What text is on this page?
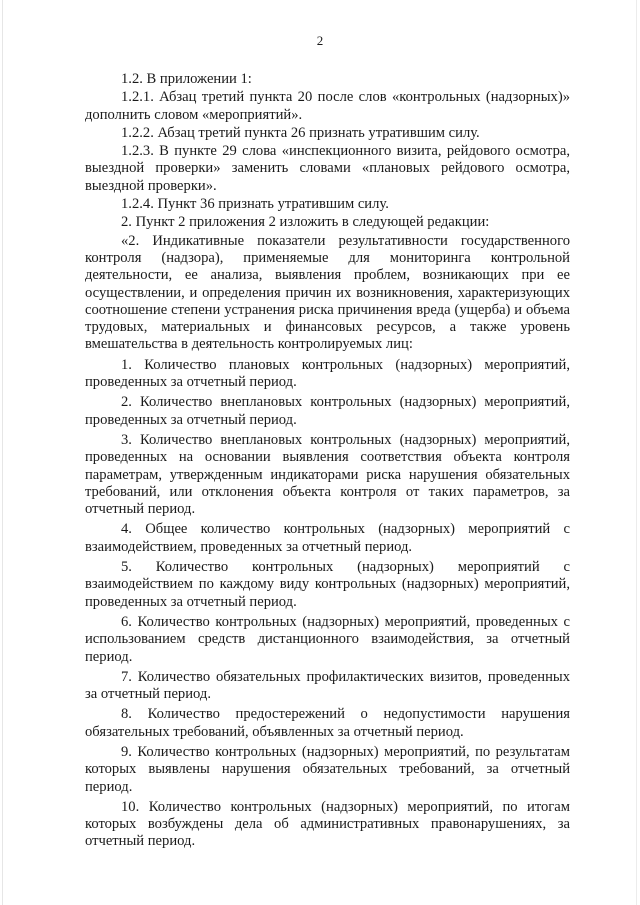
2

1.2. В приложении 1:

1.2.1. Абзац третий пункта 20 после слов «контрольных (надзорных)» дополнить словом «мероприятий».

1.2.2. Абзац третий пункта 26 признать утратившим силу.

1.2.3. В пункте 29 слова «инспекционного визита, рейдового осмотра, выездной проверки» заменить словами «плановых рейдового осмотра, выездной проверки».

1.2.4. Пункт 36 признать утратившим силу.

2. Пункт 2 приложения 2 изложить в следующей редакции:

«2. Индикативные показатели результативности государственного контроля (надзора), применяемые для мониторинга контрольной деятельности, ее анализа, выявления проблем, возникающих при ее осуществлении, и определения причин их возникновения, характеризующих соотношение степени устранения риска причинения вреда (ущерба) и объема трудовых, материальных и финансовых ресурсов, а также уровень вмешательства в деятельность контролируемых лиц:

1. Количество плановых контрольных (надзорных) мероприятий, проведенных за отчетный период.

2. Количество внеплановых контрольных (надзорных) мероприятий, проведенных за отчетный период.

3. Количество внеплановых контрольных (надзорных) мероприятий, проведенных на основании выявления соответствия объекта контроля параметрам, утвержденным индикаторами риска нарушения обязательных требований, или отклонения объекта контроля от таких параметров, за отчетный период.

4. Общее количество контрольных (надзорных) мероприятий с взаимодействием, проведенных за отчетный период.

5. Количество контрольных (надзорных) мероприятий с взаимодействием по каждому виду контрольных (надзорных) мероприятий, проведенных за отчетный период.

6. Количество контрольных (надзорных) мероприятий, проведенных с использованием средств дистанционного взаимодействия, за отчетный период.

7. Количество обязательных профилактических визитов, проведенных за отчетный период.

8. Количество предостережений о недопустимости нарушения обязательных требований, объявленных за отчетный период.

9. Количество контрольных (надзорных) мероприятий, по результатам которых выявлены нарушения обязательных требований, за отчетный период.

10. Количество контрольных (надзорных) мероприятий, по итогам которых возбуждены дела об административных правонарушениях, за отчетный период.
